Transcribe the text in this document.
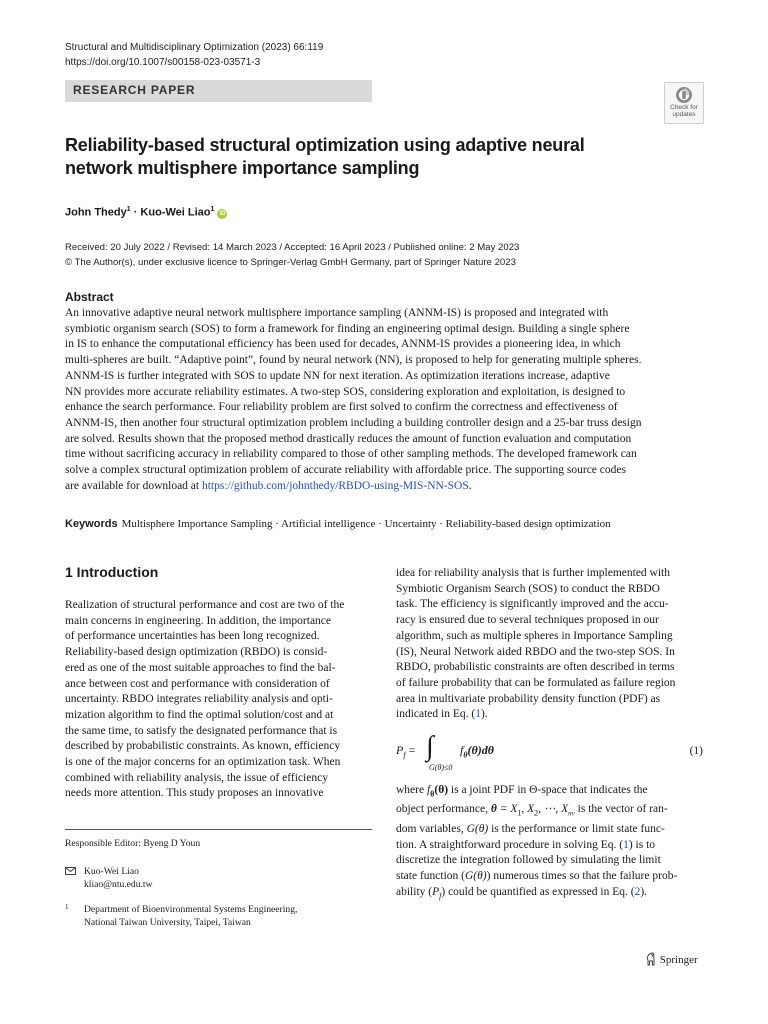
Structural and Multidisciplinary Optimization (2023) 66:119
https://doi.org/10.1007/s00158-023-03571-3
RESEARCH PAPER
Check for
updates
Reliability-based structural optimization using adaptive neural
network multisphere importance sampling
John Thedy$^1$ · Kuo-Wei Liao$^1$ iD
Received: 20 July 2022 / Revised: 14 March 2023 / Accepted: 16 April 2023 / Published online: 2 May 2023
© The Author(s), under exclusive licence to Springer-Verlag GmbH Germany, part of Springer Nature 2023
Abstract
An innovative adaptive neural network multisphere importance sampling (ANNM-IS) is proposed and integrated with
symbiotic organism search (SOS) to form a framework for finding an engineering optimal design. Building a single sphere
in IS to enhance the computational efficiency has been used for decades, ANNM-IS provides a pioneering idea, in which
multi-spheres are built. “Adaptive point”, found by neural network (NN), is proposed to help for generating multiple spheres.
ANNM-IS is further integrated with SOS to update NN for next iteration. As optimization iterations increase, adaptive
NN provides more accurate reliability estimates. A two-step SOS, considering exploration and exploitation, is designed to
enhance the search performance. Four reliability problem are first solved to confirm the correctness and effectiveness of
ANNM-IS, then another four structural optimization problem including a building controller design and a 25-bar truss design
are solved. Results shown that the proposed method drastically reduces the amount of function evaluation and computation
time without sacrificing accuracy in reliability compared to those of other sampling methods. The developed framework can
solve a complex structural optimization problem of accurate reliability with affordable price. The supporting source codes
are available for download at https://github.com/johnthedy/RBDO-using-MIS-NN-SOS.
Keywords Multisphere Importance Sampling · Artificial intelligence · Uncertainty · Reliability-based design optimization
1 Introduction
Realization of structural performance and cost are two of the
main concerns in engineering. In addition, the importance
of performance uncertainties has been long recognized.
Reliability-based design optimization (RBDO) is consid-
ered as one of the most suitable approaches to find the bal-
ance between cost and performance with consideration of
uncertainty. RBDO integrates reliability analysis and opti-
mization algorithm to find the optimal solution/cost and at
the same time, to satisfy the designated performance that is
described by probabilistic constraints. As known, efficiency
is one of the major concerns for an optimization task. When
combined with reliability analysis, the issue of efficiency
needs more attention. This study proposes an innovative
idea for reliability analysis that is further implemented with
Symbiotic Organism Search (SOS) to conduct the RBDO
task. The efficiency is significantly improved and the accu-
racy is ensured due to several techniques proposed in our
algorithm, such as multiple spheres in Importance Sampling
(IS), Neural Network aided RBDO and the two-step SOS. In
RBDO, probabilistic constraints are often described in terms
of failure probability that can be formulated as failure region
area in multivariate probability density function (PDF) as
indicated in Eq. (1).
$P_f$ = ∫
G(θ)≤0
$f_\theta(\theta)d\theta$	(1)
where $f_\theta(\theta)$ is a joint PDF in Θ-space that indicates the
object performance, $\theta = X_1$, $X_2$, ⋯, $X_{nv}$ is the vector of ran-
dom variables, G(θ) is the performance or limit state func-
tion. A straightforward procedure in solving Eq. (1) is to
discretize the integration followed by simulating the limit
state function (G(θ)) numerous times so that the failure prob-
ability $(P_f)$ could be quantified as expressed in Eq. (2).
Responsible Editor: Byeng D Youn
Kuo-Wei Liao
kliao@ntu.edu.tw
1 Department of Bioenvironmental Systems Engineering,
National Taiwan University, Taipei, Taiwan
Springer
